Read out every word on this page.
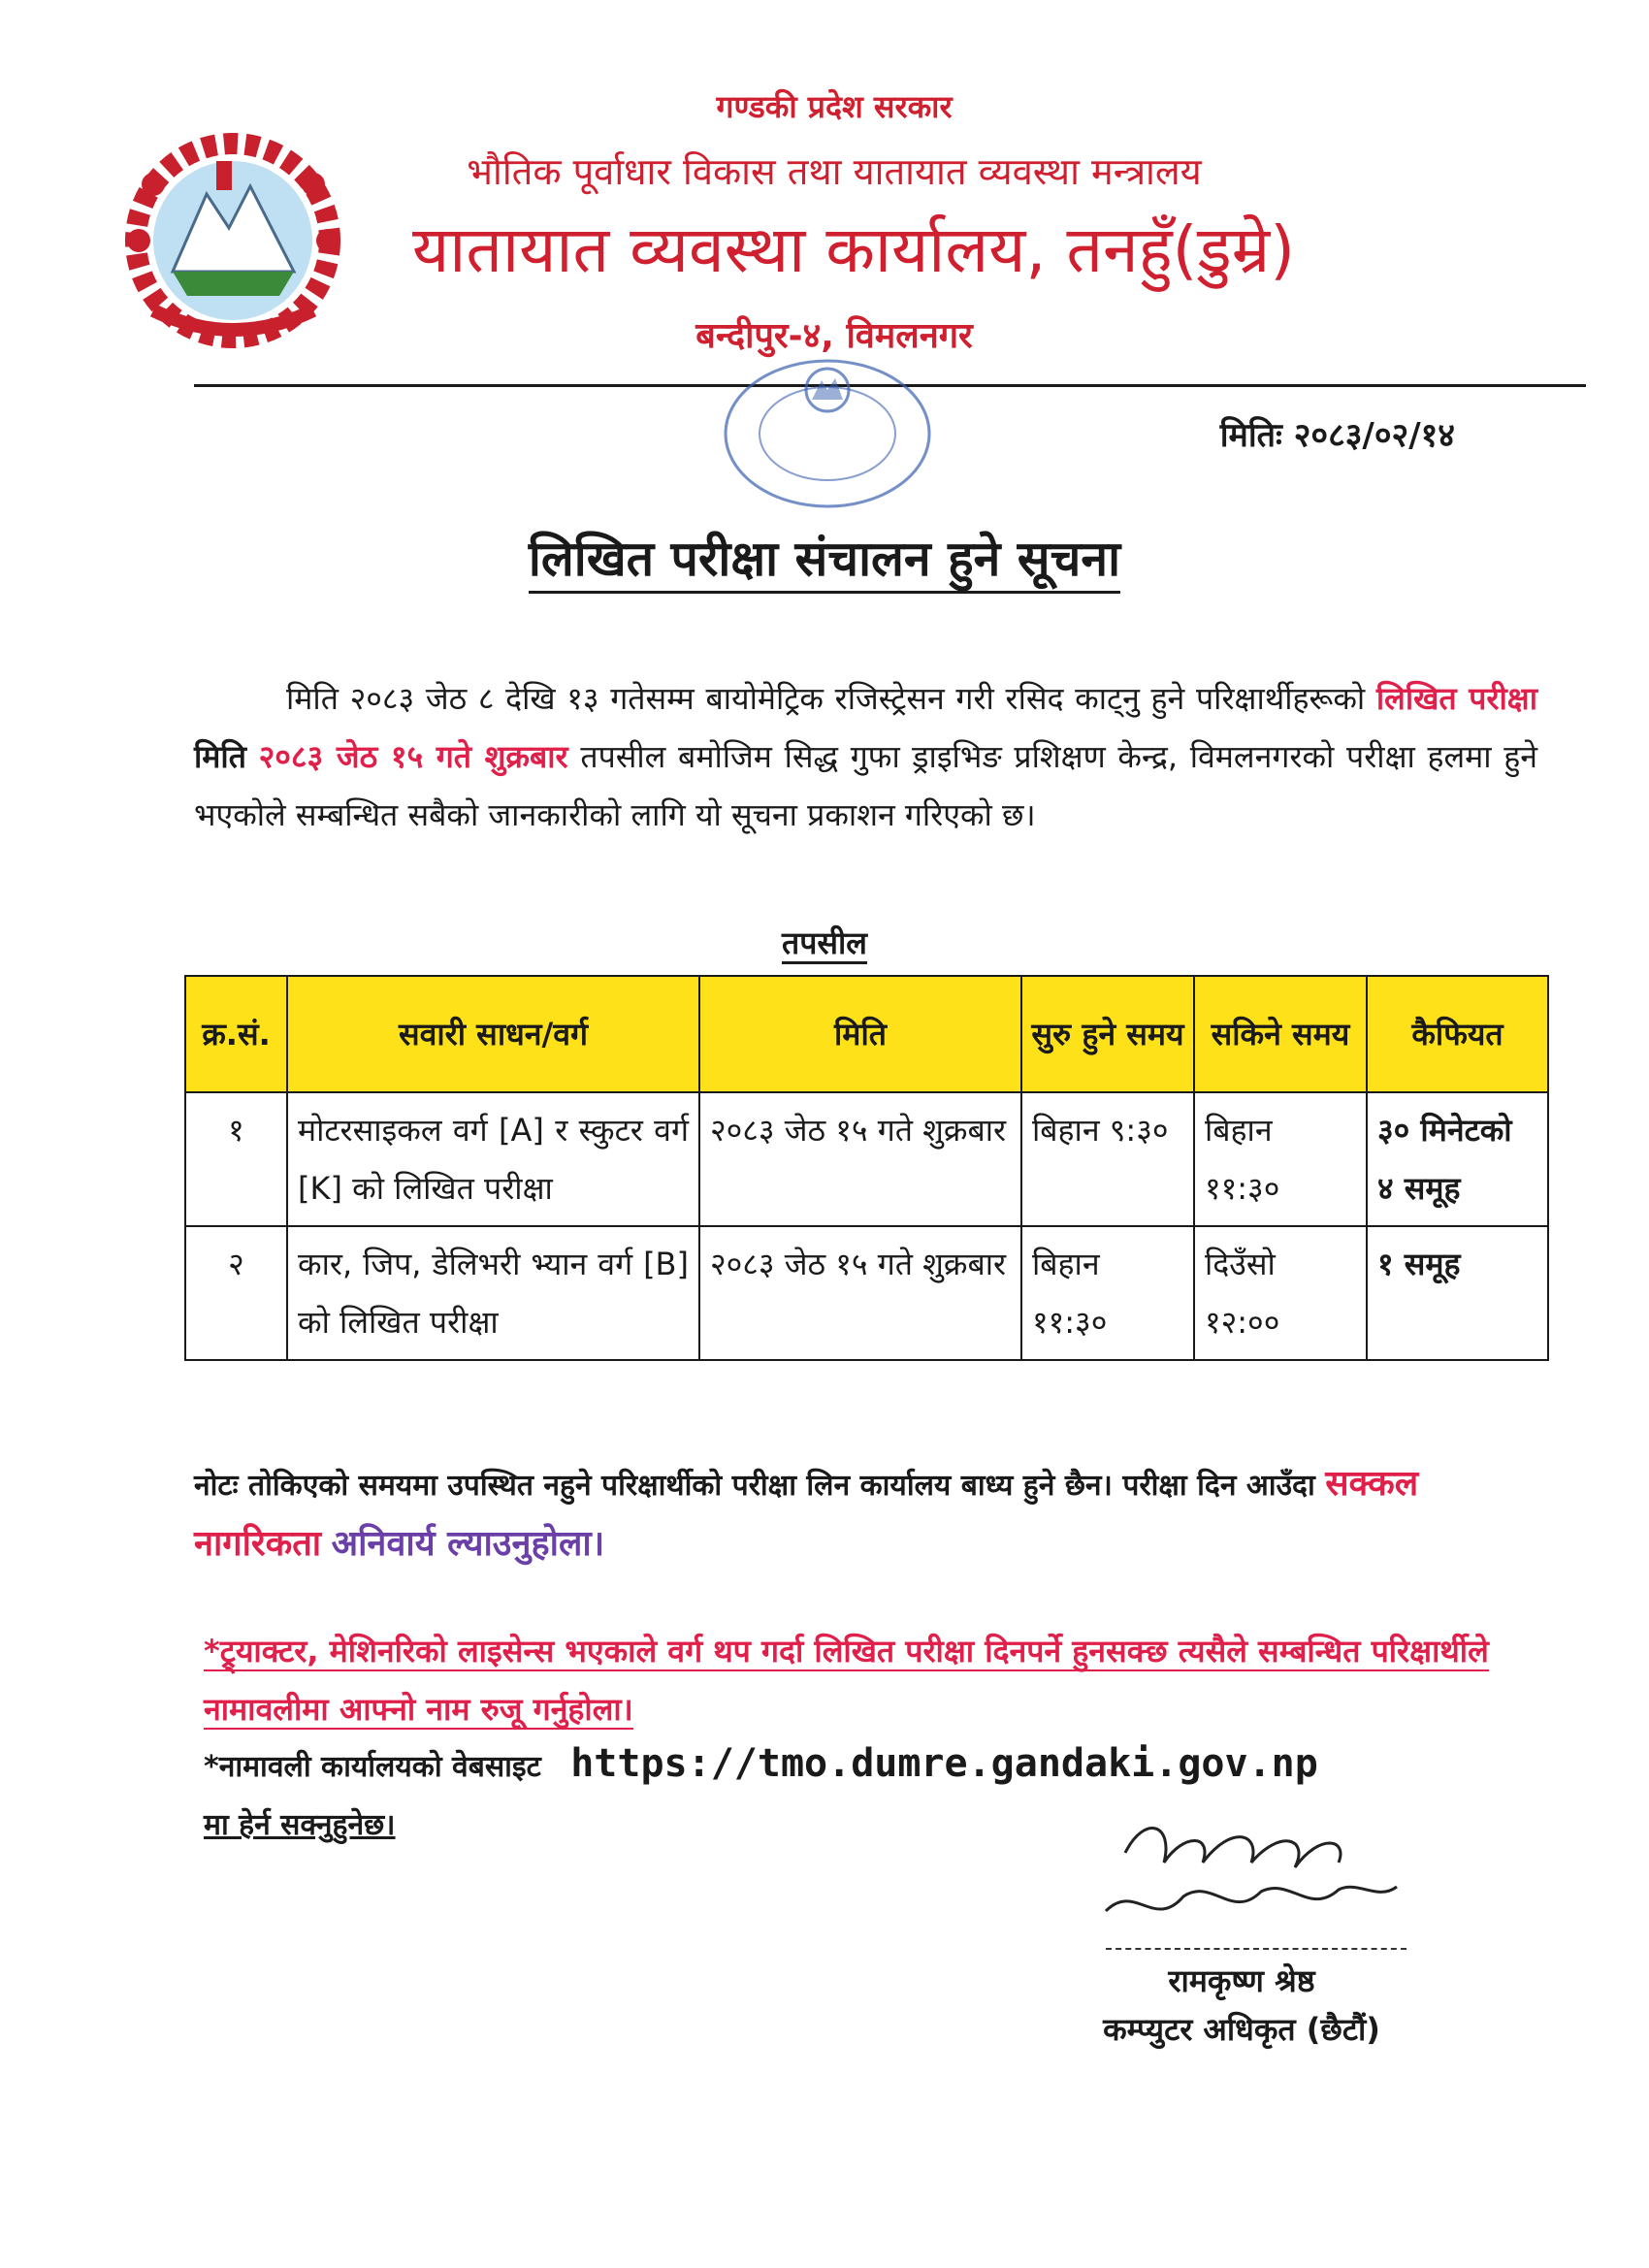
गण्डकी प्रदेश सरकार
भौतिक पूर्वाधार विकास तथा यातायात व्यवस्था मन्त्रालय
यातायात व्यवस्था कार्यालय, तनहुँ(डुम्रे)
बन्दीपुर-४, विमलनगर
मितिः २०८३/०२/१४
लिखित परीक्षा संचालन हुने सूचना
मिति २०८३ जेठ ८ देखि १३ गतेसम्म बायोमेट्रिक रजिस्ट्रेसन गरी रसिद काट्नु हुने परिक्षार्थीहरूको लिखित परीक्षा मिति २०८३ जेठ १५ गते शुक्रबार तपसील बमोजिम सिद्ध गुफा ड्राइभिङ प्रशिक्षण केन्द्र, विमलनगरको परीक्षा हलमा हुने भएकोले सम्बन्धित सबैको जानकारीको लागि यो सूचना प्रकाशन गरिएको छ।
तपसील
क्र.सं.	सवारी साधन/वर्ग	मिति	सुरु हुने समय	सकिने समय	कैफियत
१	मोटरसाइकल वर्ग [A] र स्कुटर वर्ग [K] को लिखित परीक्षा	२०८३ जेठ १५ गते शुक्रबार	बिहान ९:३०	बिहान ११:३०	३० मिनेटको ४ समूह
२	कार, जिप, डेलिभरी भ्यान वर्ग [B] को लिखित परीक्षा	२०८३ जेठ १५ गते शुक्रबार	बिहान ११:३०	दिउँसो १२:००	१ समूह
नोटः तोकिएको समयमा उपस्थित नहुने परिक्षार्थीको परीक्षा लिन कार्यालय बाध्य हुने छैन। परीक्षा दिन आउँदा सक्कल नागरिकता अनिवार्य ल्याउनुहोला।
*ट्र्याक्टर, मेशिनरिको लाइसेन्स भएकाले वर्ग थप गर्दा लिखित परीक्षा दिनपर्ने हुनसक्छ त्यसैले सम्बन्धित परिक्षार्थीले नामावलीमा आफ्नो नाम रुजू गर्नुहोला।
*नामावली कार्यालयको वेबसाइट https://tmo.dumre.gandaki.gov.np
मा हेर्न सक्नुहुनेछ।
रामकृष्ण श्रेष्ठ
कम्प्युटर अधिकृत (छैटौं)
